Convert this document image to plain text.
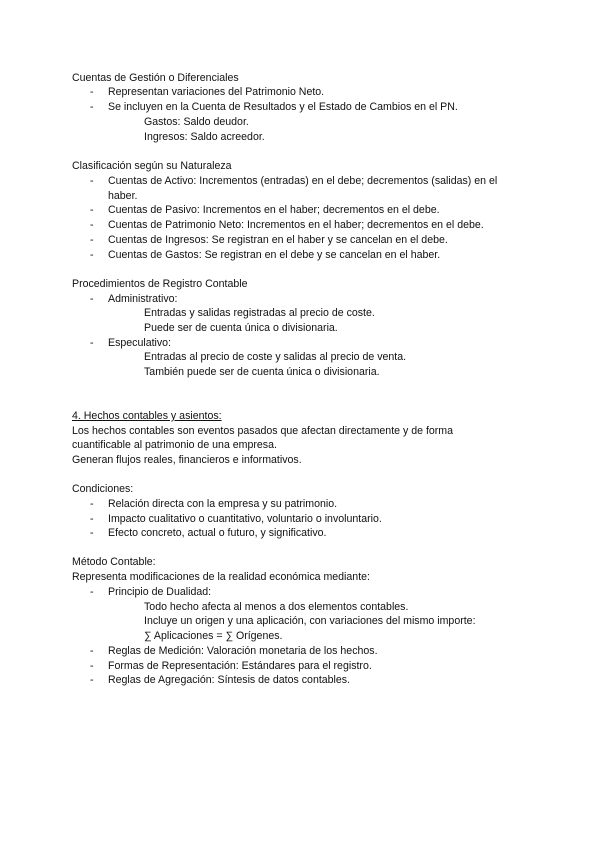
Cuentas de Gestión o Diferenciales
- Representan variaciones del Patrimonio Neto.
- Se incluyen en la Cuenta de Resultados y el Estado de Cambios en el PN.
Gastos: Saldo deudor.
Ingresos: Saldo acreedor.
Clasificación según su Naturaleza
- Cuentas de Activo: Incrementos (entradas) en el debe; decrementos (salidas) en el
haber.
- Cuentas de Pasivo: Incrementos en el haber; decrementos en el debe.
- Cuentas de Patrimonio Neto: Incrementos en el haber; decrementos en el debe.
- Cuentas de Ingresos: Se registran en el haber y se cancelan en el debe.
- Cuentas de Gastos: Se registran en el debe y se cancelan en el haber.
Procedimientos de Registro Contable
- Administrativo:
Entradas y salidas registradas al precio de coste.
Puede ser de cuenta única o divisionaria.
- Especulativo:
Entradas al precio de coste y salidas al precio de venta.
También puede ser de cuenta única o divisionaria.
4. Hechos contables y asientos:
Los hechos contables son eventos pasados que afectan directamente y de forma
cuantificable al patrimonio de una empresa.
Generan flujos reales, financieros e informativos.
Condiciones:
- Relación directa con la empresa y su patrimonio.
- Impacto cualitativo o cuantitativo, voluntario o involuntario.
- Efecto concreto, actual o futuro, y significativo.
Método Contable:
Representa modificaciones de la realidad económica mediante:
- Principio de Dualidad:
Todo hecho afecta al menos a dos elementos contables.
Incluye un origen y una aplicación, con variaciones del mismo importe:
∑ Aplicaciones = ∑ Orígenes.
- Reglas de Medición: Valoración monetaria de los hechos.
- Formas de Representación: Estándares para el registro.
- Reglas de Agregación: Síntesis de datos contables.
